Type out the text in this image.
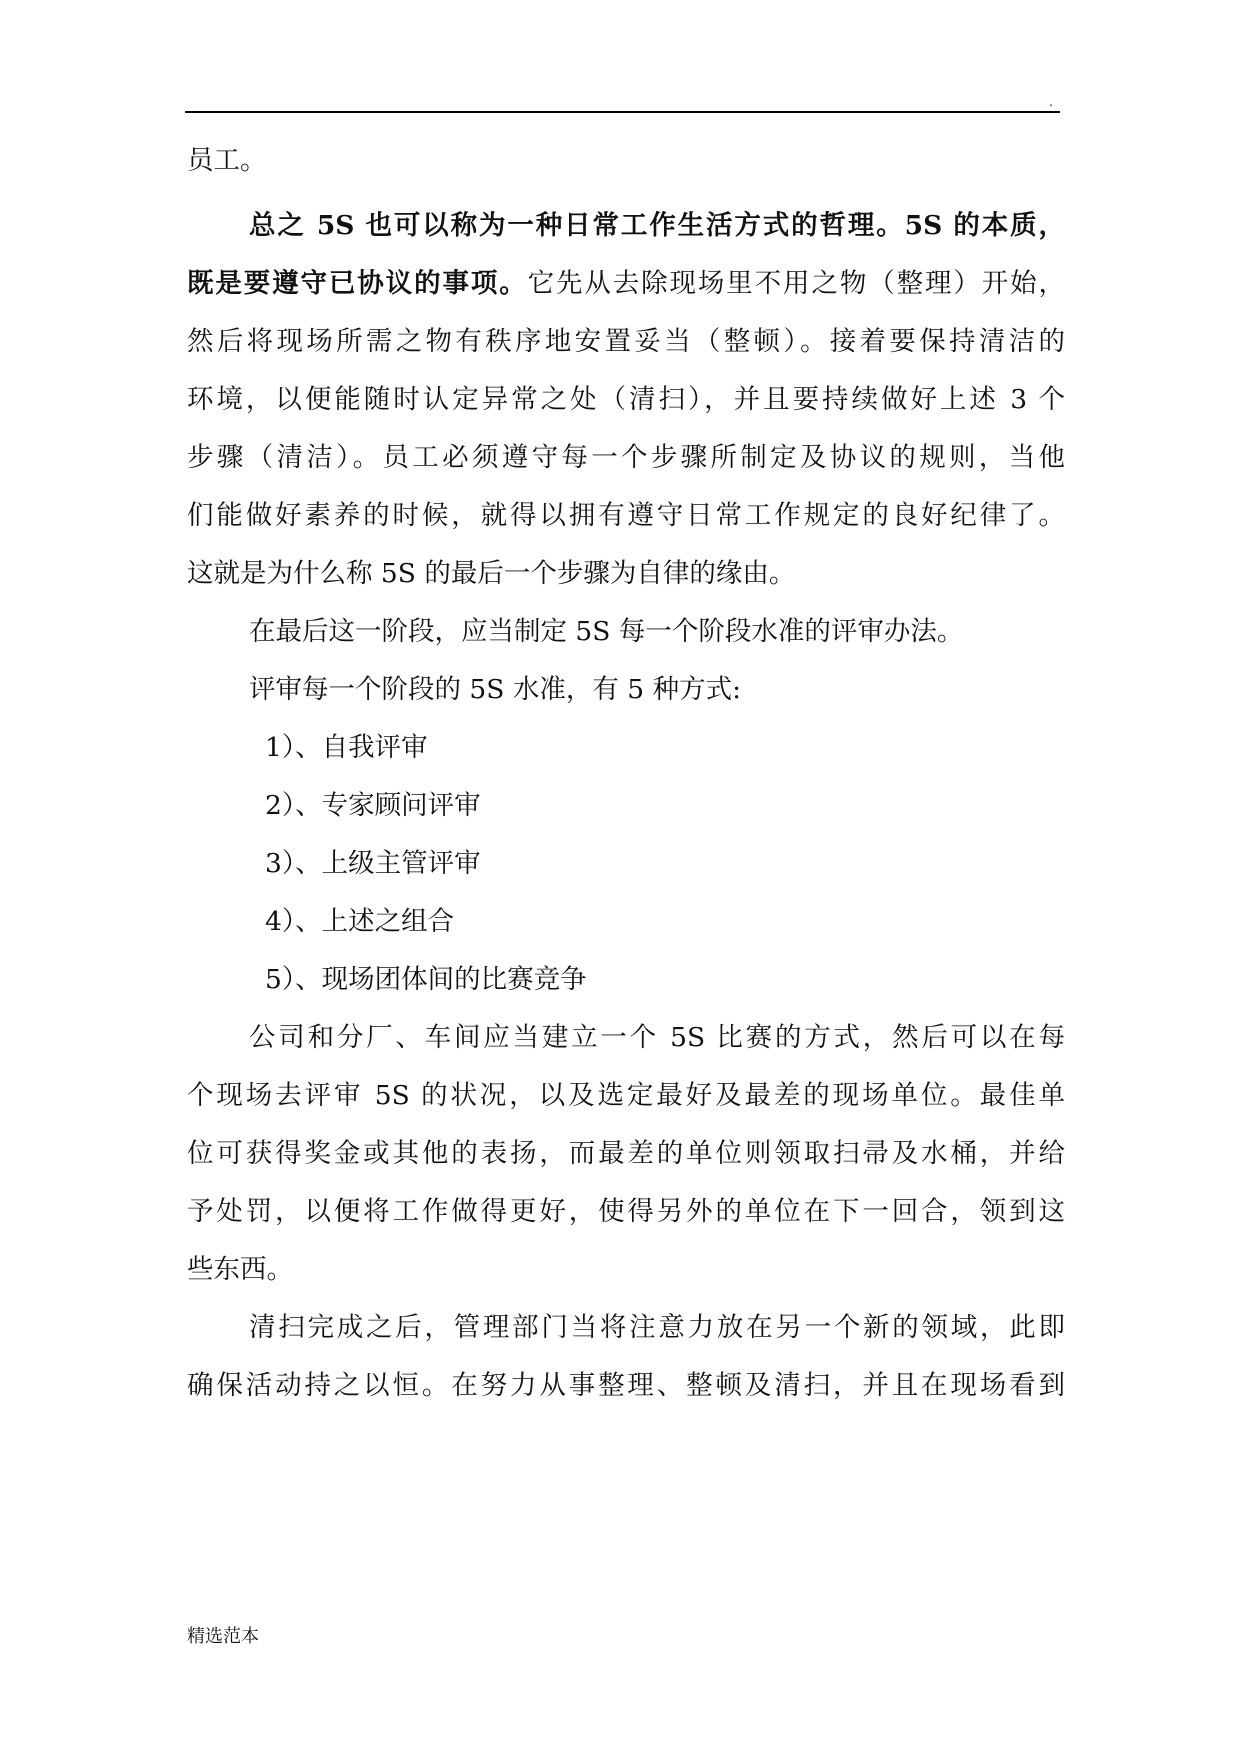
.
员工。
总之 5S 也可以称为一种日常工作生活方式的哲理。5S 的本质，
既是要遵守已协议的事项。它先从去除现场里不用之物（整理）开始，
然后将现场所需之物有秩序地安置妥当（整顿）。接着要保持清洁的
环境，以便能随时认定异常之处（清扫），并且要持续做好上述 3 个
步骤（清洁）。员工必须遵守每一个步骤所制定及协议的规则，当他
们能做好素养的时候，就得以拥有遵守日常工作规定的良好纪律了。
这就是为什么称 5S 的最后一个步骤为自律的缘由。
在最后这一阶段，应当制定 5S 每一个阶段水准的评审办法。
评审每一个阶段的 5S 水准，有 5 种方式:
1）、自我评审
2）、专家顾问评审
3）、上级主管评审
4）、上述之组合
5）、现场团体间的比赛竞争
公司和分厂、车间应当建立一个 5S 比赛的方式，然后可以在每
个现场去评审 5S 的状况，以及选定最好及最差的现场单位。最佳单
位可获得奖金或其他的表扬，而最差的单位则领取扫帚及水桶，并给
予处罚，以便将工作做得更好，使得另外的单位在下一回合，领到这
些东西。
清扫完成之后，管理部门当将注意力放在另一个新的领域，此即
确保活动持之以恒。在努力从事整理、整顿及清扫，并且在现场看到
精选范本
